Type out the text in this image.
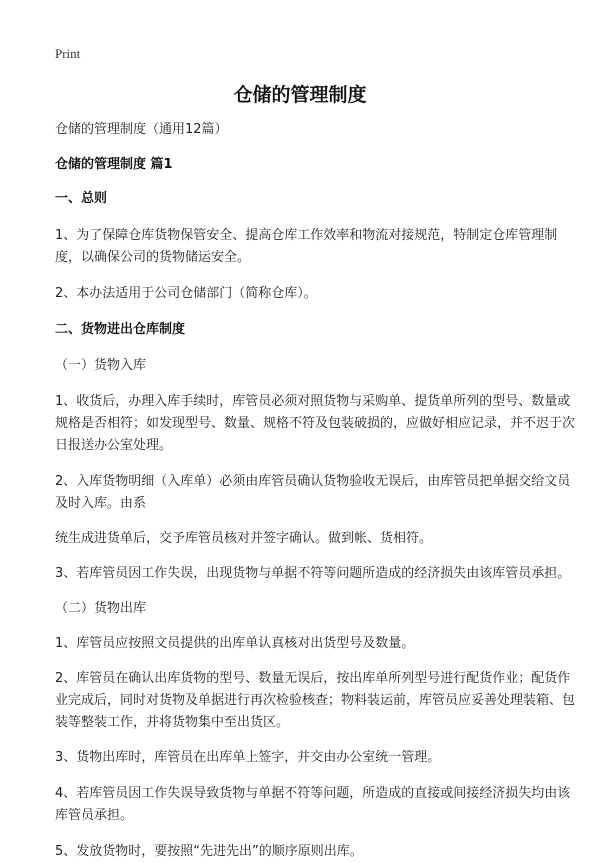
Print
仓储的管理制度

仓储的管理制度（通用12篇）

仓储的管理制度 篇1

一、总则

1、为了保障仓库货物保管安全、提高仓库工作效率和物流对接规范，特制定仓库管理制度，以确保公司的货物储运安全。

2、本办法适用于公司仓储部门（简称仓库）。

二、货物进出仓库制度

（一）货物入库

1、收货后，办理入库手续时，库管员必须对照货物与采购单、提货单所列的型号、数量或规格是否相符；如发现型号、数量、规格不符及包装破损的，应做好相应记录，并不迟于次日报送办公室处理。

2、入库货物明细（入库单）必须由库管员确认货物验收无误后，由库管员把单据交给文员及时入库。由系

统生成进货单后，交予库管员核对并签字确认。做到帐、货相符。

3、若库管员因工作失误，出现货物与单据不符等问题所造成的经济损失由该库管员承担。

（二）货物出库

1、库管员应按照文员提供的出库单认真核对出货型号及数量。

2、库管员在确认出库货物的型号、数量无误后，按出库单所列型号进行配货作业；配货作业完成后，同时对货物及单据进行再次检验核查；物料装运前，库管员应妥善处理装箱、包装等整装工作，并将货物集中至出货区。

3、货物出库时，库管员在出库单上签字，并交由办公室统一管理。

4、若库管员因工作失误导致货物与单据不符等问题，所造成的直接或间接经济损失均由该库管员承担。

5、发放货物时，要按照“先进先出”的顺序原则出库。
